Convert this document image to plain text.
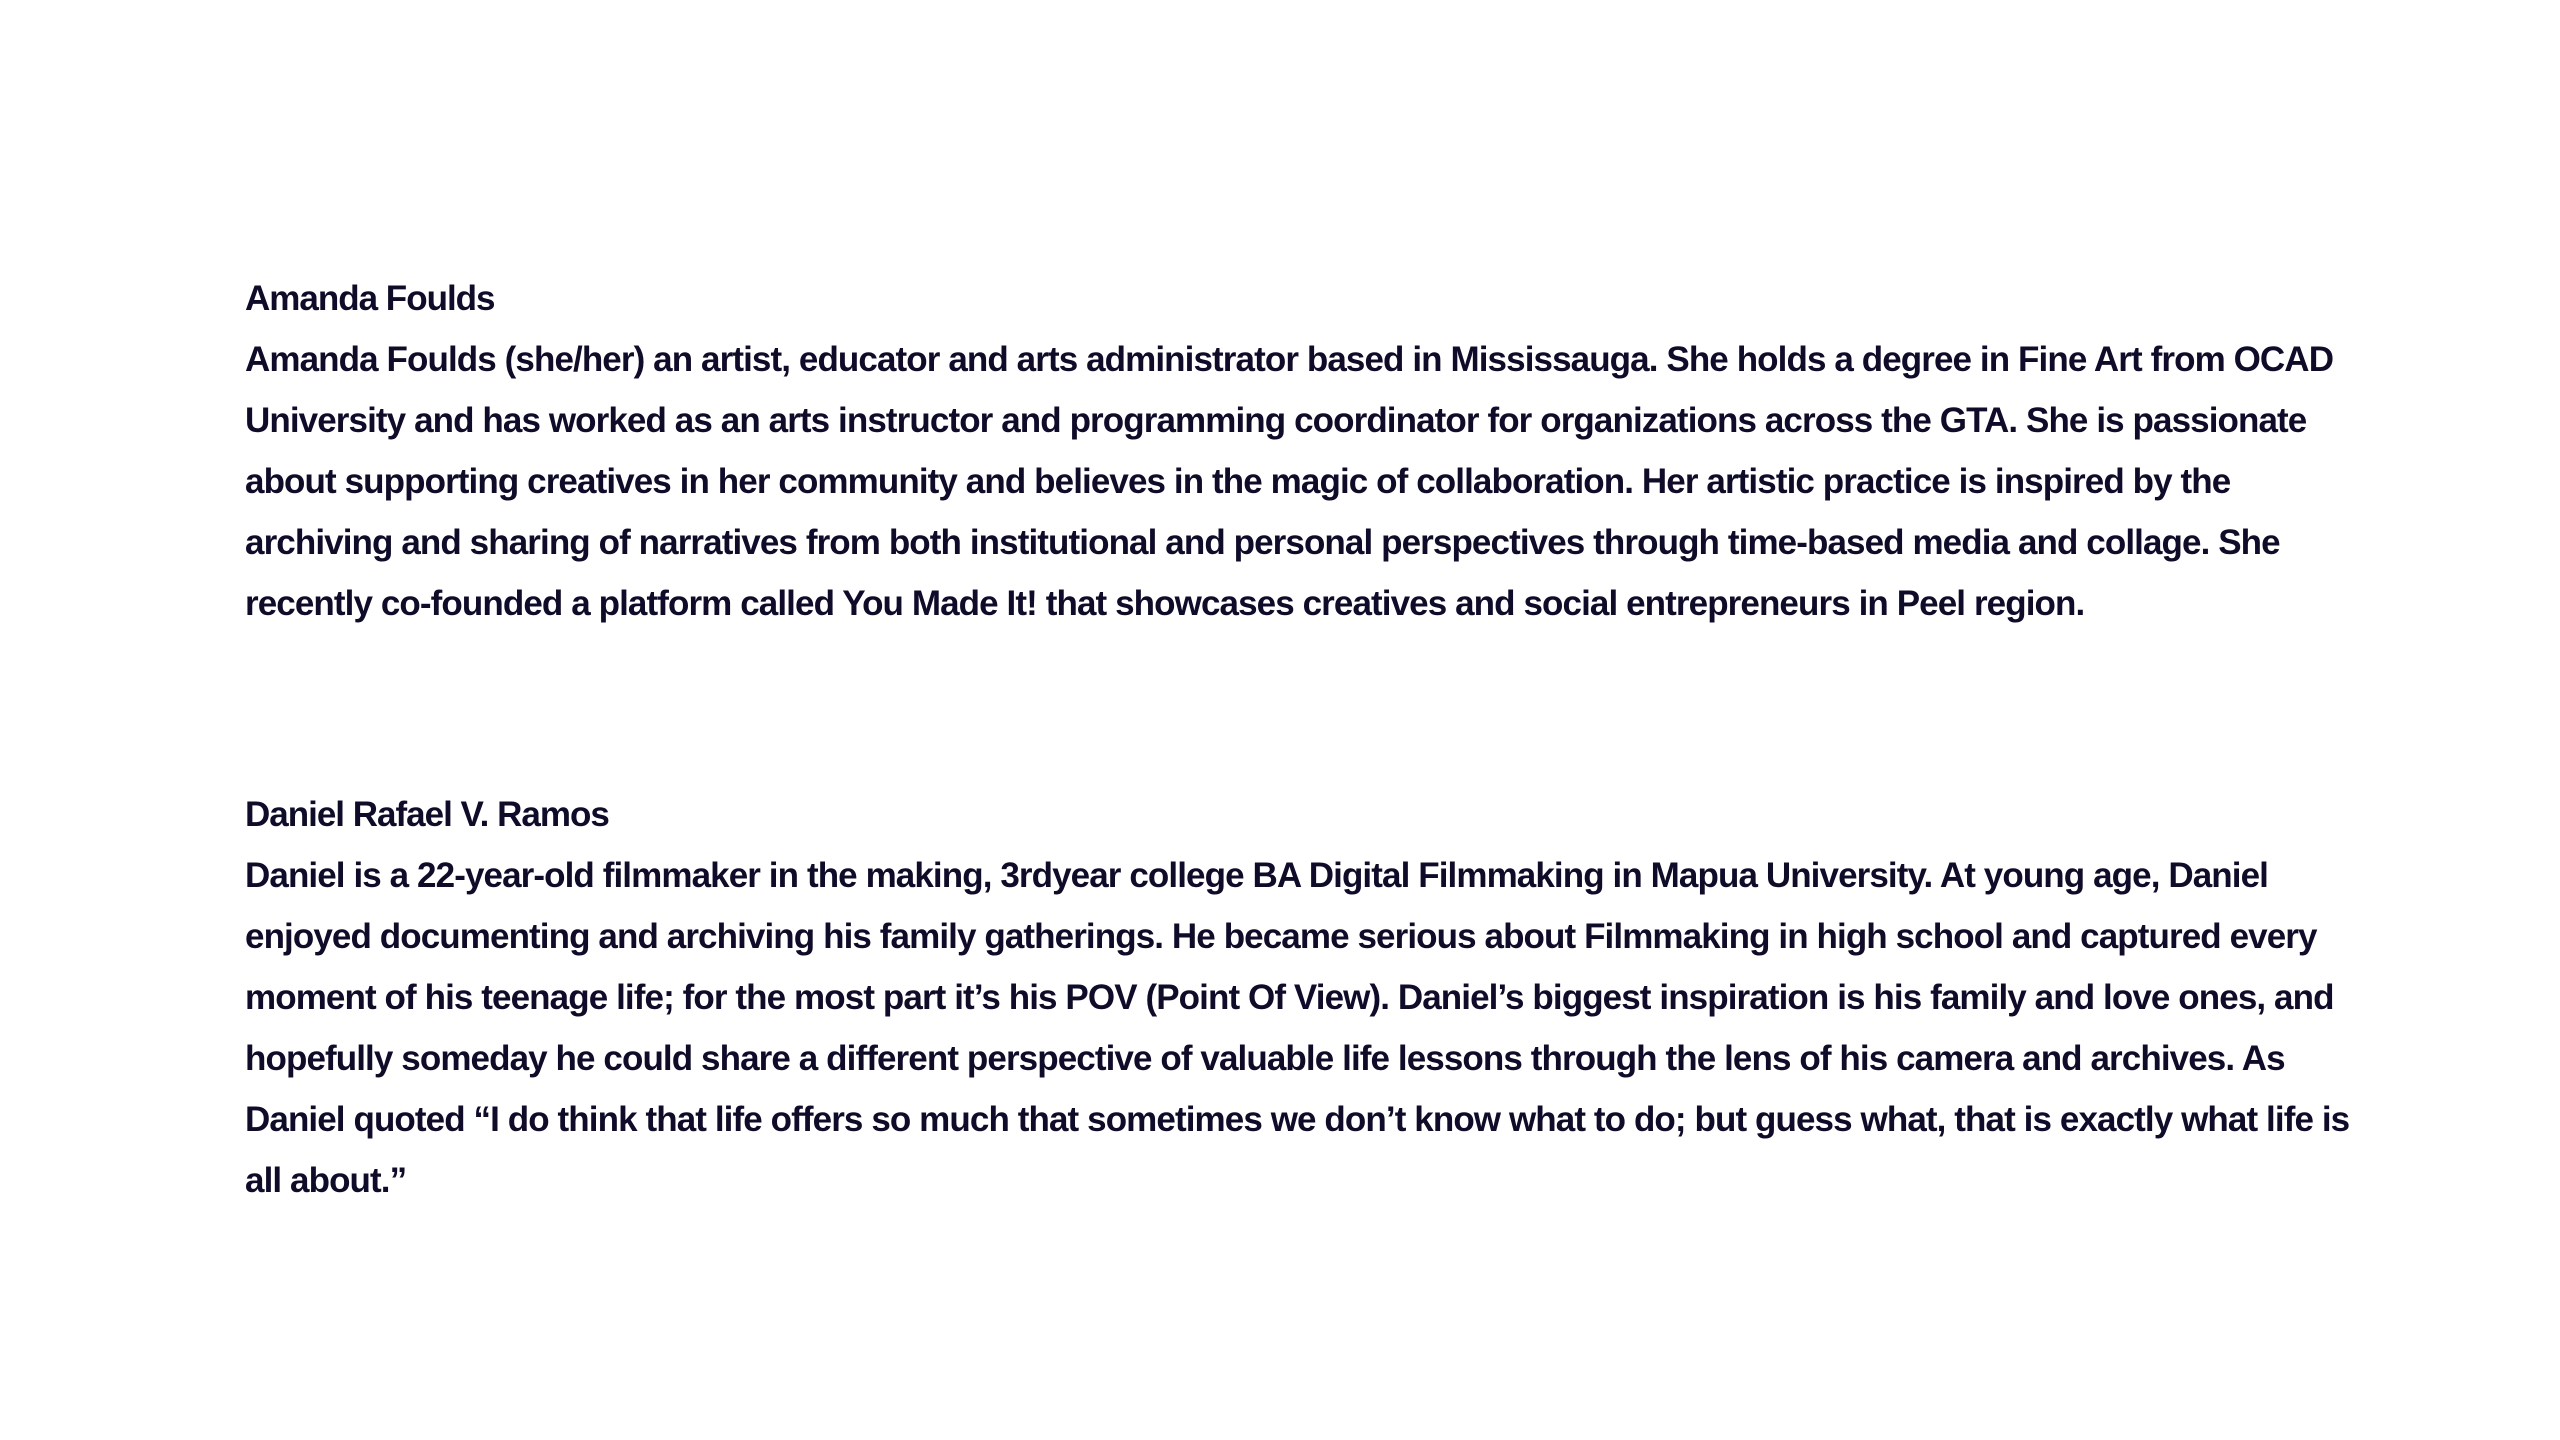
Amanda Foulds

Amanda Foulds (she/her) an artist, educator and arts administrator based in Mississauga. She holds a degree in Fine Art from OCAD University and has worked as an arts instructor and programming coordinator for organizations across the GTA. She is passionate about supporting creatives in her community and believes in the magic of collaboration. Her artistic practice is inspired by the archiving and sharing of narratives from both institutional and personal perspectives through time-based media and collage. She recently co-founded a platform called You Made It! that showcases creatives and social entrepreneurs in Peel region.

Daniel Rafael V. Ramos

Daniel is a 22-year-old filmmaker in the making, 3rdyear college BA Digital Filmmaking in Mapua University. At young age, Daniel enjoyed documenting and archiving his family gatherings. He became serious about Filmmaking in high school and captured every moment of his teenage life; for the most part it’s his POV (Point Of View). Daniel’s biggest inspiration is his family and love ones, and hopefully someday he could share a different perspective of valuable life lessons through the lens of his camera and archives. As Daniel quoted “I do think that life offers so much that sometimes we don’t know what to do; but guess what, that is exactly what life is all about.”
